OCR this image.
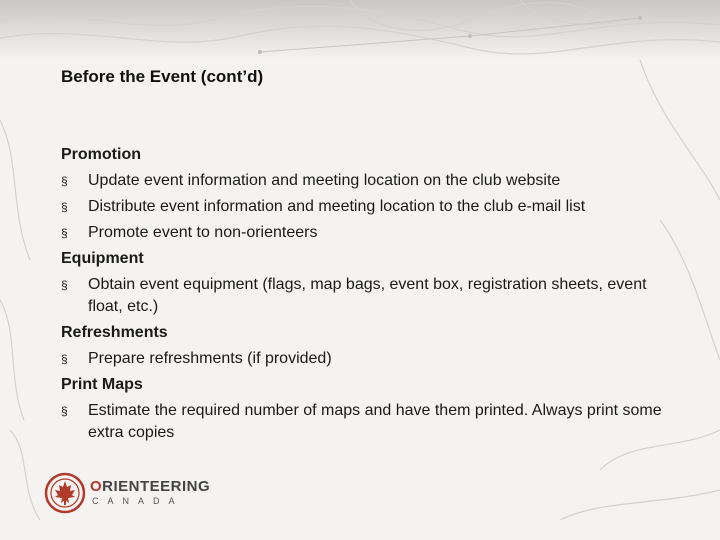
Before the Event (cont’d)
Promotion
§ Update event information and meeting location on the club website
§ Distribute event information and meeting location to the club e-mail list
§ Promote event to non-orienteers
Equipment
§ Obtain event equipment (flags, map bags, event box, registration sheets, event float, etc.)
Refreshments
§ Prepare refreshments (if provided)
Print Maps
§ Estimate the required number of maps and have them printed. Always print some extra copies
ORIENTEERING
CANADA
